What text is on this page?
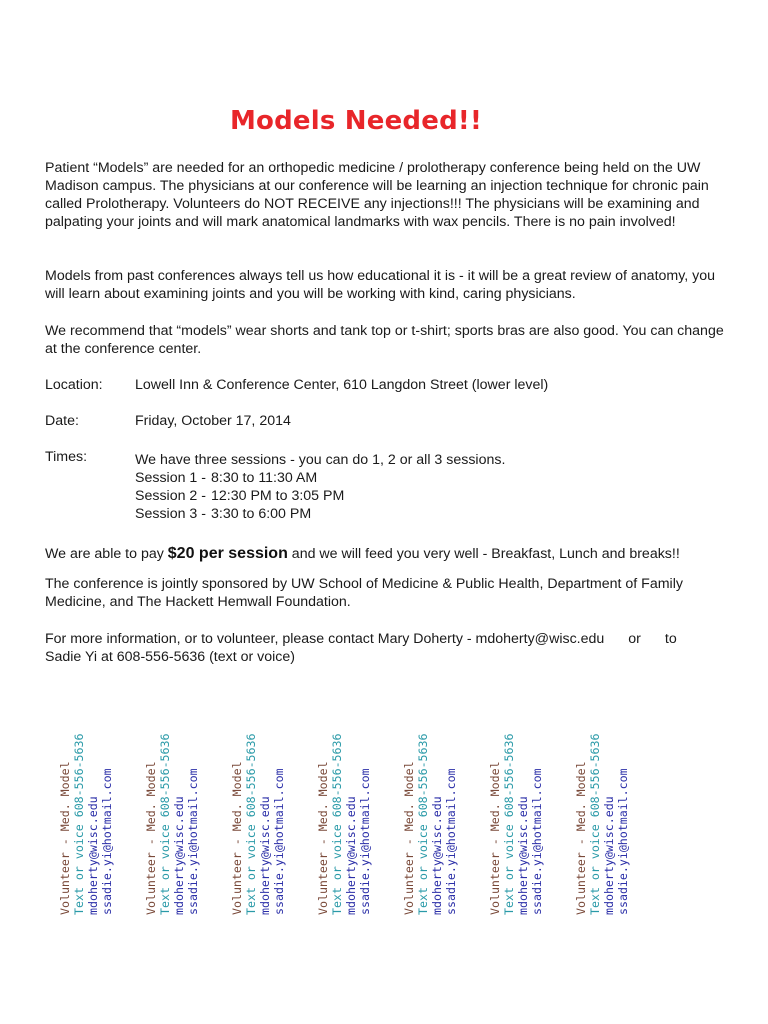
Models Needed!!
Patient “Models” are needed for an orthopedic medicine / prolotherapy conference being held on the UW Madison campus. The physicians at our conference will be learning an injection technique for chronic pain called Prolotherapy. Volunteers do NOT RECEIVE any injections!!! The physicians will be examining and palpating your joints and will mark anatomical landmarks with wax pencils. There is no pain involved!
Models from past conferences always tell us how educational it is - it will be a great review of anatomy, you will learn about examining joints and you will be working with kind, caring physicians.
We recommend that “models” wear shorts and tank top or t-shirt; sports bras are also good. You can change at the conference center.
Location: Lowell Inn & Conference Center, 610 Langdon Street (lower level)
Date:	Friday, October 17, 2014
Times:	We have three sessions - you can do 1, 2 or all 3 sessions.
Session 1 - 8:30 to 11:30 AM
Session 2 - 12:30 PM to 3:05 PM
Session 3 - 3:30 to 6:00 PM
We are able to pay $20 per session and we will feed you very well - Breakfast, Lunch and breaks!!
The conference is jointly sponsored by UW School of Medicine & Public Health, Department of Family Medicine, and The Hackett Hemwall Foundation.
For more information, or to volunteer, please contact Mary Doherty - mdoherty@wisc.edu or to
Sadie Yi at 608-556-5636 (text or voice)
Volunteer - Med. Model Text or voice 608-556-5636 mdoherty@wisc.edu ssadie.yi@hotmail.com	Volunteer - Med. Model Text or voice 608-556-5636 mdoherty@wisc.edu ssadie.yi@hotmail.com	Volunteer - Med. Model Text or voice 608-556-5636 mdoherty@wisc.edu ssadie.yi@hotmail.com	Volunteer - Med. Model Text or voice 608-556-5636 mdoherty@wisc.edu ssadie.yi@hotmail.com	Volunteer - Med. Model Text or voice 608-556-5636 mdoherty@wisc.edu ssadie.yi@hotmail.com	Volunteer - Med. Model Text or voice 608-556-5636 mdoherty@wisc.edu ssadie.yi@hotmail.com	Volunteer - Med. Model Text or voice 608-556-5636 mdoherty@wisc.edu ssadie.yi@hotmail.com
